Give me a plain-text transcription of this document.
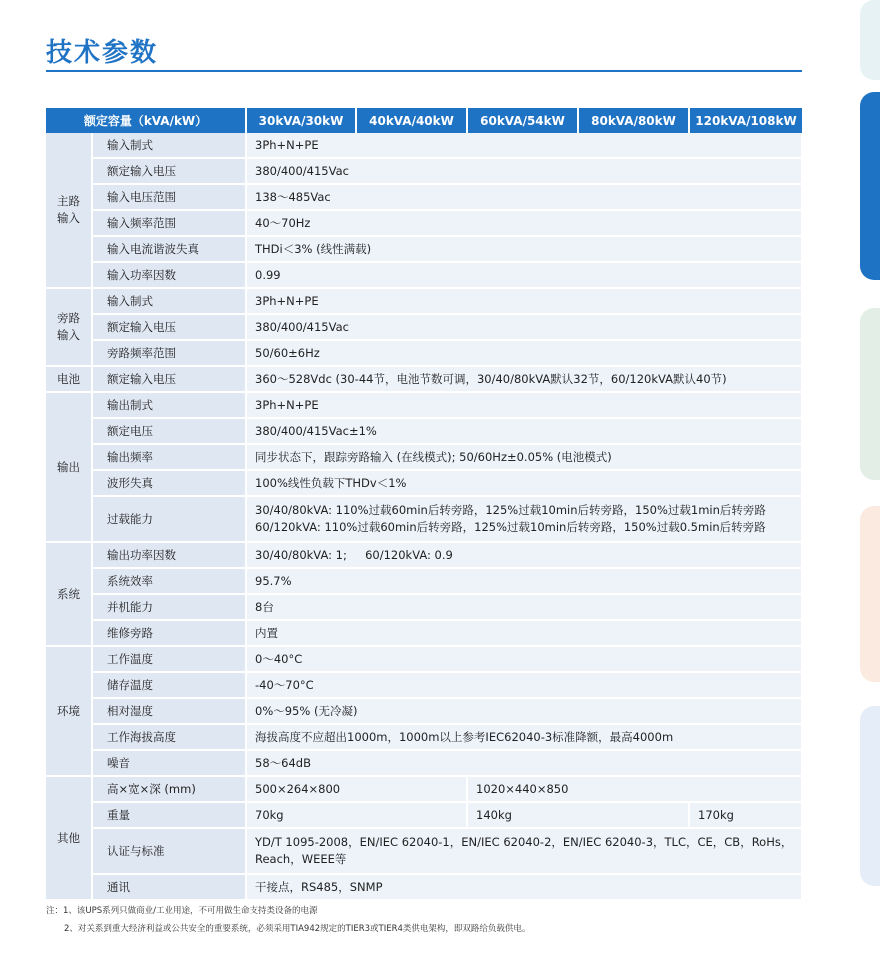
技术参数
额定容量（kVA/kW）		30kVA/30kW	40kVA/40kW	60kVA/54kW	80kVA/80kW	120kVA/108kW
主路输入	输入制式	3Ph+N+PE				
	额定输入电压	380/400/415Vac				
	输入电压范围	138～485Vac				
	输入频率范围	40～70Hz				
	输入电流谐波失真	THDi＜3% (线性满载)				
	输入功率因数	0.99				
旁路输入	输入制式	3Ph+N+PE				
	额定输入电压	380/400/415Vac				
	旁路频率范围	50/60±6Hz				
电池	额定输入电压	360～528Vdc (30-44节，电池节数可调，30/40/80kVA默认32节，60/120kVA默认40节)				
输出	输出制式	3Ph+N+PE				
	额定电压	380/400/415Vac±1%				
	输出频率	同步状态下，跟踪旁路输入 (在线模式); 50/60Hz±0.05% (电池模式)				
	波形失真	100%线性负载下THDv＜1%				
	过载能力	30/40/80kVA: 110%过载60min后转旁路，125%过载10min后转旁路，150%过载1min后转旁路
60/120kVA: 110%过载60min后转旁路，125%过载10min后转旁路，150%过载0.5min后转旁路				

系统	输出功率因数	30/40/80kVA: 1;     60/120kVA: 0.9				
	系统效率	95.7%				
	并机能力	8台				
	维修旁路	内置				
环境	工作温度	0～40°C				
	储存温度	-40～70°C				
	相对湿度	0%～95% (无冷凝)				
	工作海拔高度	海拔高度不应超出1000m，1000m以上参考IEC62040-3标准降额，最高4000m				
	噪音	58～64dB				
其他	高×宽×深 (mm)	500×264×800		1020×440×850		
	重量	70kg		140kg		170kg
	认证与标准	YD/T 1095-2008，EN/IEC 62040-1，EN/IEC 62040-2，EN/IEC 62040-3，TLC，CE，CB，RoHs，
Reach，WEEE等				

	通讯	干接点，RS485，SNMP				
注：1、该UPS系列只做商业/工业用途，不可用做生命支持类设备的电源
2、对关系到重大经济利益或公共安全的重要系统，必须采用TIA942规定的TIER3或TIER4类供电架构，即双路给负载供电。
